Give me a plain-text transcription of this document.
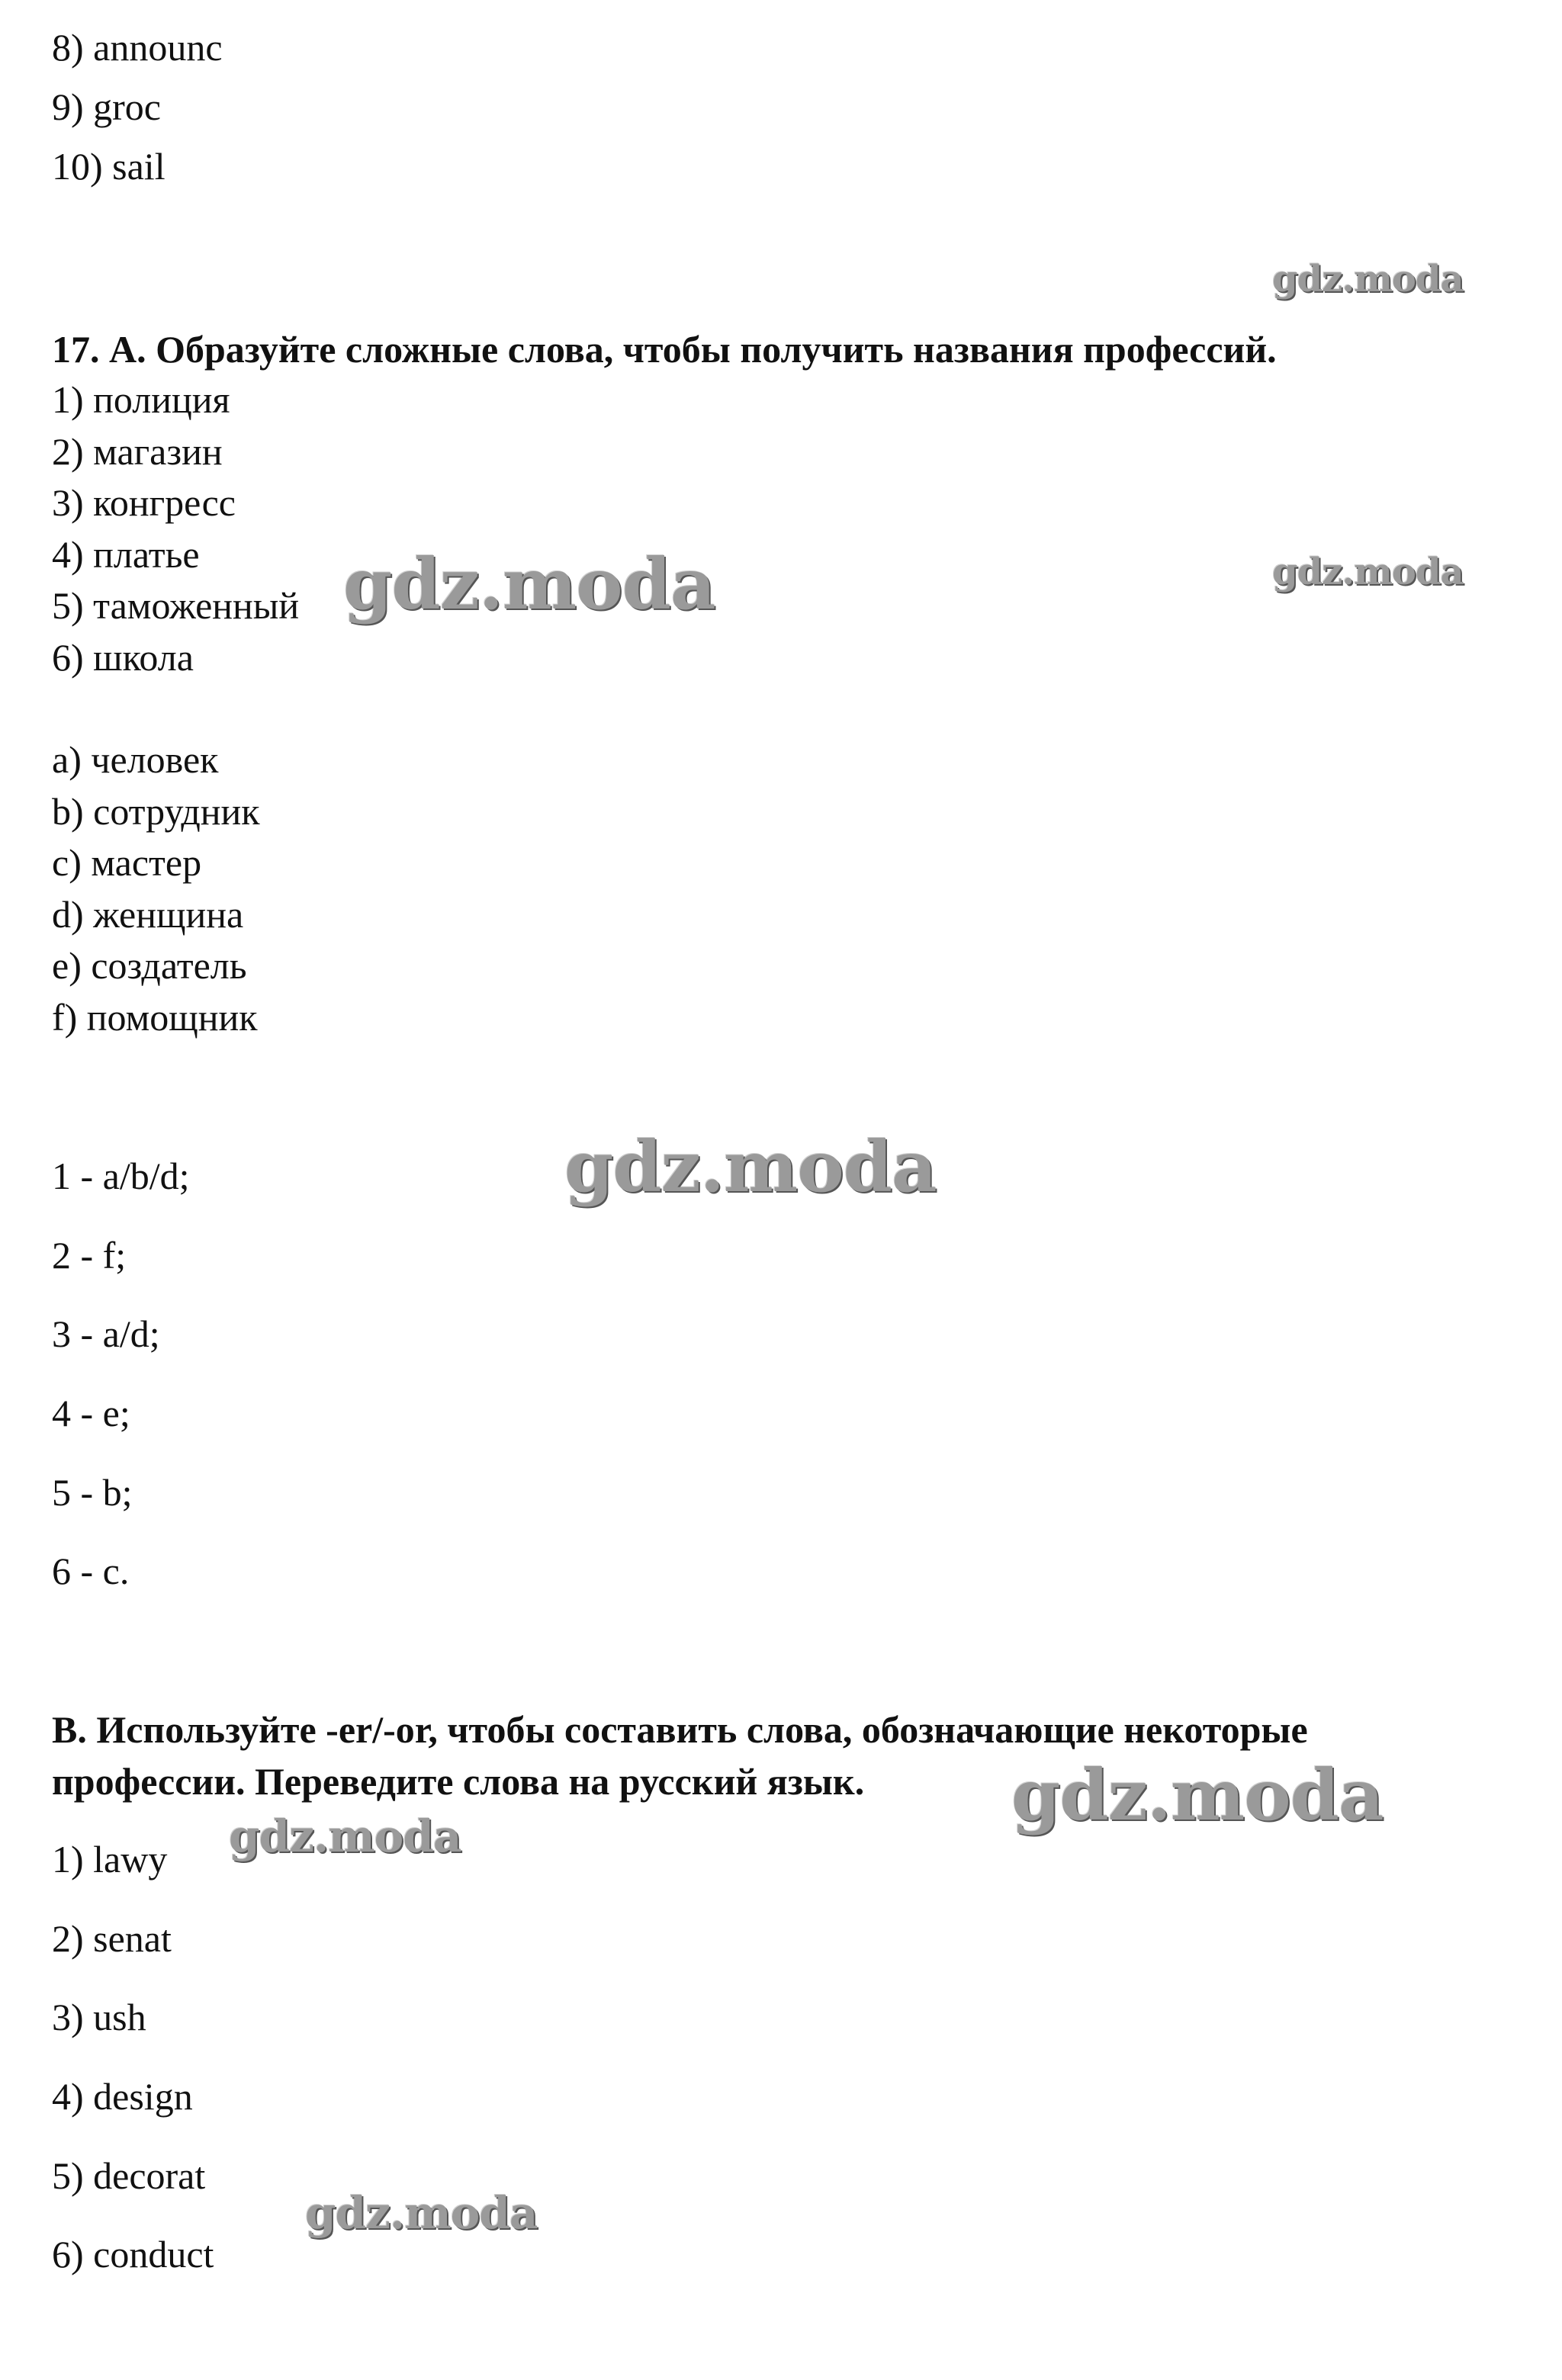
8) announc
9) groc
10) sail
17. А. Образуйте сложные слова, чтобы получить названия профессий.
1) полиция
2) магазин
3) конгресс
4) платье
5) таможенный
6) школа
a) человек
b) сотрудник
c) мастер
d) женщина
e) создатель
f) помощник
1 - a/b/d;
2 - f;
3 - a/d;
4 - e;
5 - b;
6 - c.
B. Используйте -er/-or, чтобы составить слова, обозначающие некоторые
профессии. Переведите слова на русский язык.
1) lawy
2) senat
3) ush
4) design
5) decorat
6) conduct
gdz.moda
gdz.moda
gdz.moda
gdz.moda
gdz.moda
gdz.moda
gdz.moda
